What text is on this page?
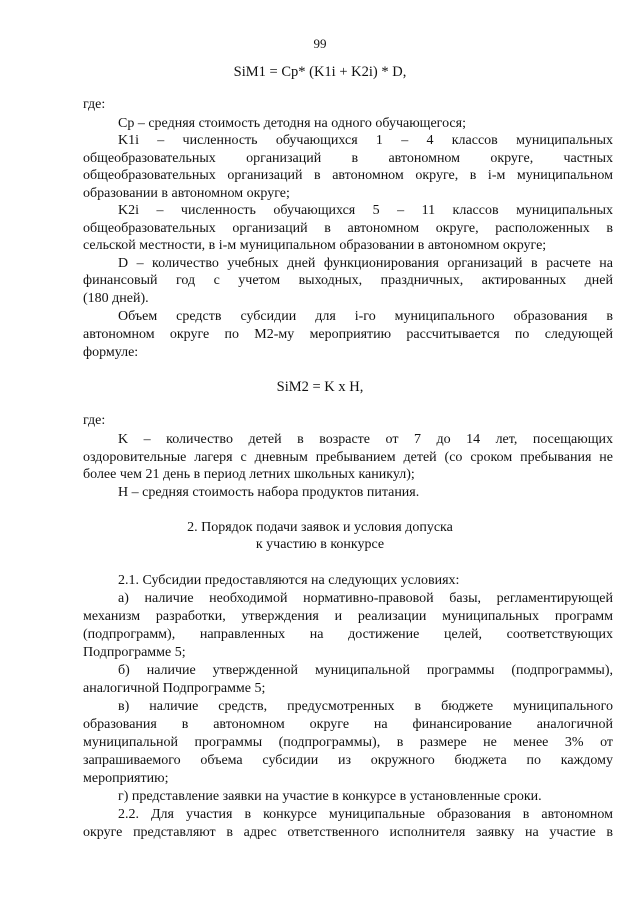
99
SiM1 = Cp* (K1i + K2i) * D,
где:
Cр – средняя стоимость детодня на одного обучающегося;
K1i – численность обучающихся 1 – 4 классов муниципальных
общеобразовательных организаций в автономном округе, частных
общеобразовательных организаций в автономном округе, в i-м муниципальном
образовании в автономном округе;
K2i – численность обучающихся 5 – 11 классов муниципальных
общеобразовательных организаций в автономном округе, расположенных в
сельской местности, в i-м муниципальном образовании в автономном округе;
D – количество учебных дней функционирования организаций в расчете на
финансовый год с учетом выходных, праздничных, актированных дней
(180 дней).
Объем средств субсидии для i-го муниципального образования в
автономном округе по M2-му мероприятию рассчитывается по следующей
формуле:
SiM2 = K x H,
где:
K – количество детей в возрасте от 7 до 14 лет, посещающих
оздоровительные лагеря с дневным пребыванием детей (со сроком пребывания не
более чем 21 день в период летних школьных каникул);
H – средняя стоимость набора продуктов питания.
2. Порядок подачи заявок и условия допуска
к участию в конкурсе
2.1. Субсидии предоставляются на следующих условиях:
а) наличие необходимой нормативно-правовой базы, регламентирующей
механизм разработки, утверждения и реализации муниципальных программ
(подпрограмм), направленных на достижение целей, соответствующих
Подпрограмме 5;
б) наличие утвержденной муниципальной программы (подпрограммы),
аналогичной Подпрограмме 5;
в) наличие средств, предусмотренных в бюджете муниципального
образования в автономном округе на финансирование аналогичной
муниципальной программы (подпрограммы), в размере не менее 3% от
запрашиваемого объема субсидии из окружного бюджета по каждому
мероприятию;
г) представление заявки на участие в конкурсе в установленные сроки.
2.2. Для участия в конкурсе муниципальные образования в автономном
округе представляют в адрес ответственного исполнителя заявку на участие в
